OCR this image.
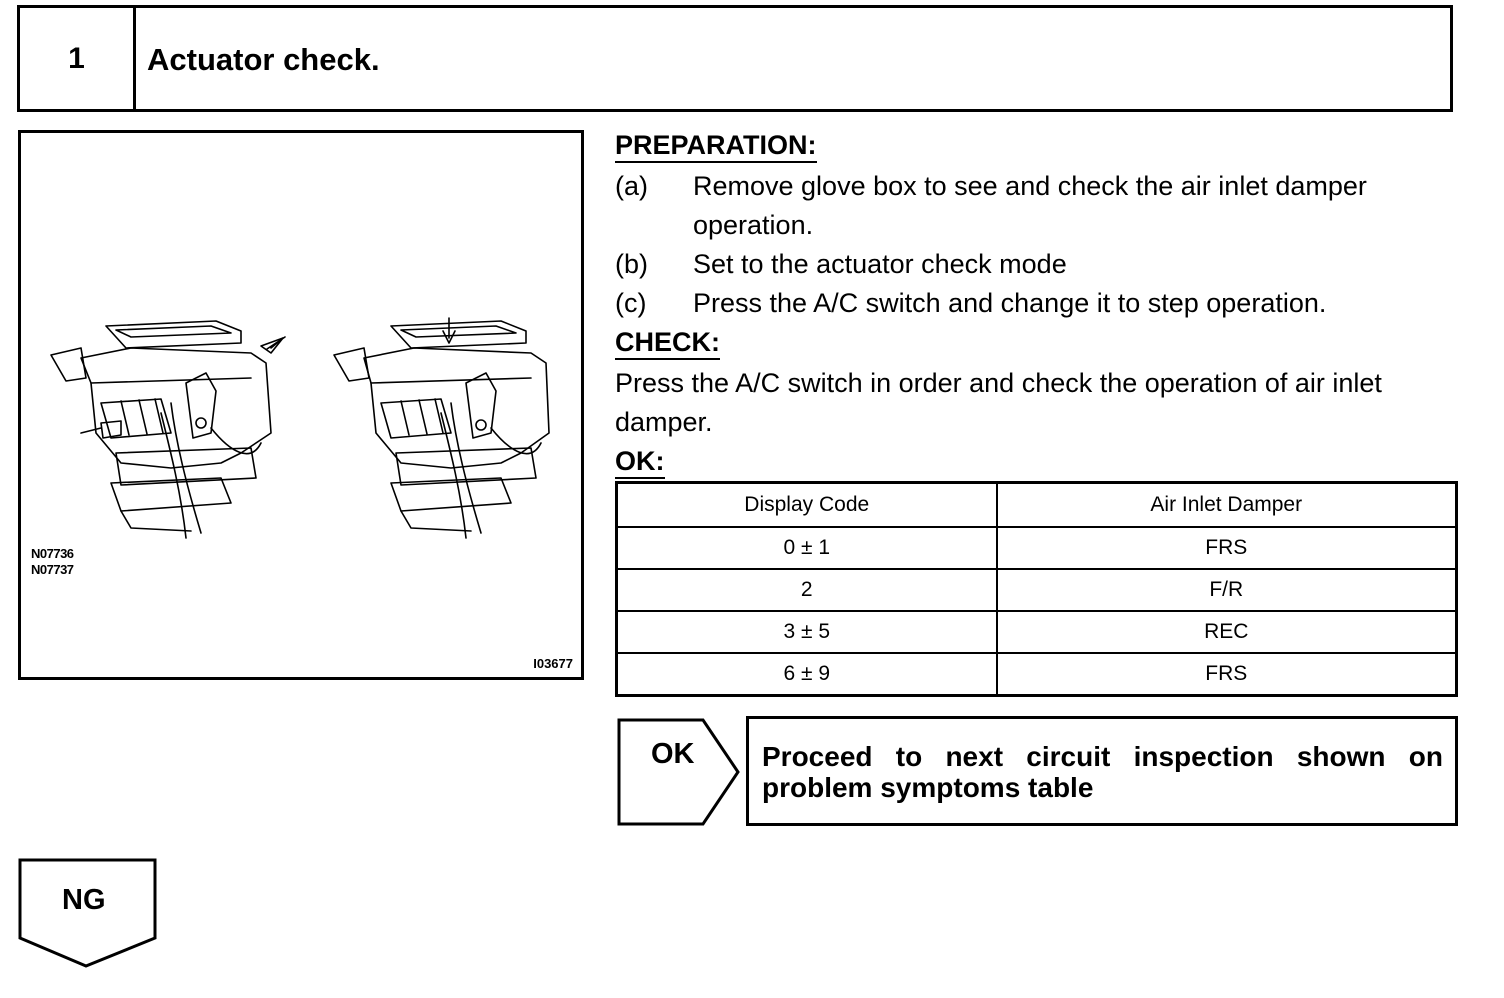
1	Actuator check.
N07736
N07737
I03677
PREPARATION:
(a)	Remove glove box to see and check the air inlet damper operation.
(b)	Set to the actuator check mode
(c)	Press the A/C switch and change it to step operation.
CHECK:

Press the A/C switch in order and check the operation of air inlet damper.

OK:
Display Code	Air Inlet Damper
0 ± 1	FRS
2	F/R
3 ± 5	REC
6 ± 9	FRS
OK	Proceed to next circuit inspection shown on problem symptoms table
NG
